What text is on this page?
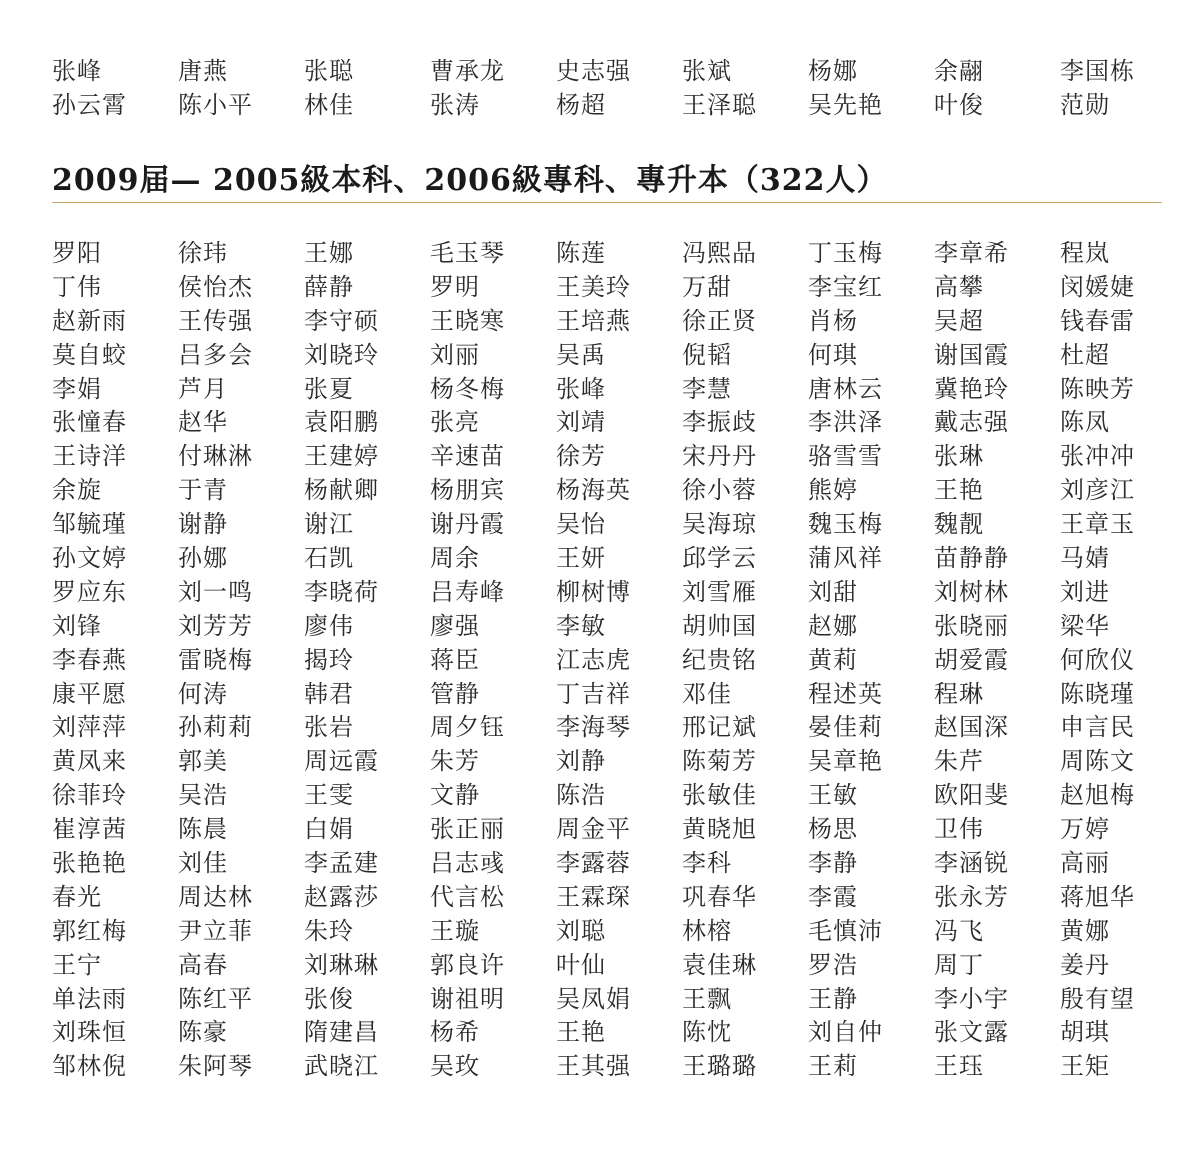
张峰	唐燕	张聪	曹承龙	史志强	张斌	杨娜	余翮	李国栋
孙云霄	陈小平	林佳	张涛	杨超	王泽聪	吴先艳	叶俊	范勋
2009届— 2005級本科、2006級專科、專升本（322人）
罗阳	徐玮	王娜	毛玉琴	陈莲	冯熙品	丁玉梅	李章希	程岚
丁伟	侯怡杰	薛静	罗明	王美玲	万甜	李宝红	高攀	闵媛婕
赵新雨	王传强	李守硕	王晓寒	王培燕	徐正贤	肖杨	吴超	钱春雷
莫自蛟	吕多会	刘晓玲	刘丽	吴禹	倪韬	何琪	谢国霞	杜超
李娟	芦月	张夏	杨冬梅	张峰	李慧	唐林云	冀艳玲	陈映芳
张憧春	赵华	袁阳鹏	张亮	刘靖	李振歧	李洪泽	戴志强	陈凤
王诗洋	付琳淋	王建婷	辛速苗	徐芳	宋丹丹	骆雪雪	张琳	张冲冲
余旋	于青	杨献卿	杨朋宾	杨海英	徐小蓉	熊婷	王艳	刘彦江
邹毓瑾	谢静	谢江	谢丹霞	吴怡	吴海琼	魏玉梅	魏靓	王章玉
孙文婷	孙娜	石凯	周余	王妍	邱学云	蒲风祥	苗静静	马婧
罗应东	刘一鸣	李晓荷	吕寿峰	柳树博	刘雪雁	刘甜	刘树林	刘进
刘锋	刘芳芳	廖伟	廖强	李敏	胡帅国	赵娜	张晓丽	梁华
李春燕	雷晓梅	揭玲	蒋臣	江志虎	纪贵铭	黄莉	胡爱霞	何欣仪
康平愿	何涛	韩君	管静	丁吉祥	邓佳	程述英	程琳	陈晓瑾
刘萍萍	孙莉莉	张岩	周夕钰	李海琴	邢记斌	晏佳莉	赵国深	申言民
黄凤来	郭美	周远霞	朱芳	刘静	陈菊芳	吴章艳	朱芹	周陈文
徐菲玲	吴浩	王雯	文静	陈浩	张敏佳	王敏	欧阳斐	赵旭梅
崔淳茜	陈晨	白娟	张正丽	周金平	黄晓旭	杨思	卫伟	万婷
张艳艳	刘佳	李孟建	吕志彧	李露蓉	李科	李静	李涵锐	高丽
春光	周达林	赵露莎	代言松	王霖琛	巩春华	李霞	张永芳	蒋旭华
郭红梅	尹立菲	朱玲	王璇	刘聪	林榕	毛慎沛	冯飞	黄娜
王宁	高春	刘琳琳	郭良许	叶仙	袁佳琳	罗浩	周丁	姜丹
单法雨	陈红平	张俊	谢祖明	吴凤娟	王飘	王静	李小宇	殷有望
刘珠恒	陈豪	隋建昌	杨希	王艳	陈忱	刘自仲	张文露	胡琪
邹林倪	朱阿琴	武晓江	吴玫	王其强	王璐璐	王莉	王珏	王矩
